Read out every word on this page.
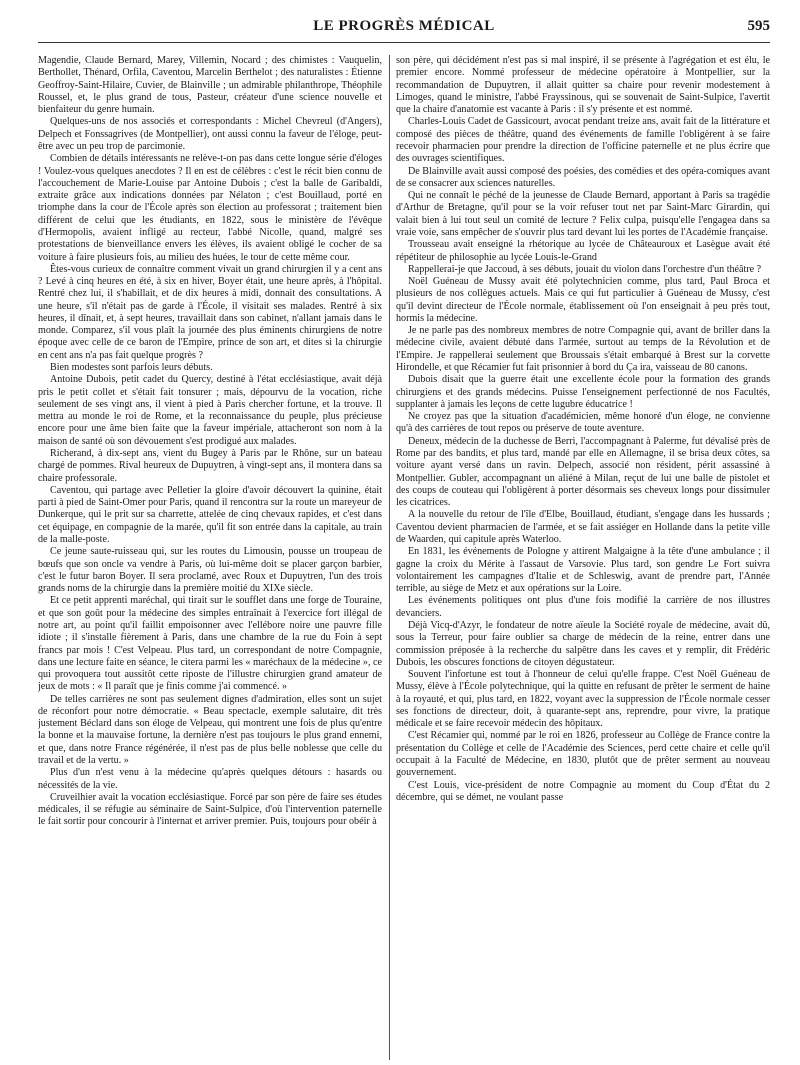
LE PROGRÈS MÉDICAL	595

Magendie, Claude Bernard, Marey, Villemin, Nocard ; des chimistes : Vauquelin, Berthollet, Thénard, Orfila, Caventou, Marcelin Berthelot ; des naturalistes : Étienne Geoffroy-Saint-Hilaire, Cuvier, de Blainville ; un admirable philanthrope, Théophile Roussel, et, le plus grand de tous, Pasteur, créateur d'une science nouvelle et bienfaiteur du genre humain.

Quelques-uns de nos associés et correspondants : Michel Chevreul (d'Angers), Delpech et Fonssagrives (de Montpellier), ont aussi connu la faveur de l'éloge, peut-être avec un peu trop de parcimonie.

Combien de détails intéressants ne relève-t-on pas dans cette longue série d'éloges ! Voulez-vous quelques anecdotes ? Il en est de célèbres : c'est le récit bien connu de l'accouchement de Marie-Louise par Antoine Dubois ; c'est la balle de Garibaldi, extraite grâce aux indications données par Nélaton ; c'est Bouillaud, porté en triomphe dans la cour de l'École après son élection au professorat ; traitement bien différent de celui que les étudiants, en 1822, sous le ministère de l'évêque d'Hermopolis, avaient infligé au recteur, l'abbé Nicolle, quand, malgré ses protestations de bienveillance envers les élèves, ils avaient obligé le cocher de sa voiture à faire plusieurs fois, au milieu des huées, le tour de cette même cour.

Êtes-vous curieux de connaître comment vivait un grand chirurgien il y a cent ans ? Levé à cinq heures en été, à six en hiver, Boyer était, une heure après, à l'hôpital. Rentré chez lui, il s'habillait, et de dix heures à midi, donnait des consultations. A une heure, s'il n'était pas de garde à l'École, il visitait ses malades. Rentré à six heures, il dînait, et, à sept heures, travaillait dans son cabinet, n'allant jamais dans le monde. Comparez, s'il vous plaît la journée des plus éminents chirurgiens de notre époque avec celle de ce baron de l'Empire, prince de son art, et dites si la chirurgie en cent ans n'a pas fait quelque progrès ?

Bien modestes sont parfois leurs débuts.

Antoine Dubois, petit cadet du Quercy, destiné à l'état ecclésiastique, avait déjà pris le petit collet et s'était fait tonsurer ; mais, dépourvu de la vocation, riche seulement de ses vingt ans, il vient à pied à Paris chercher fortune, et la trouve. Il mettra au monde le roi de Rome, et la reconnaissance du peuple, plus précieuse encore pour une âme bien faite que la faveur impériale, attacheront son nom à la maison de santé où son dévouement s'est prodigué aux malades.

Richerand, à dix-sept ans, vient du Bugey à Paris par le Rhône, sur un bateau chargé de pommes. Rival heureux de Dupuytren, à vingt-sept ans, il montera dans sa chaire professorale.

Caventou, qui partage avec Pelletier la gloire d'avoir découvert la quinine, était parti à pied de Saint-Omer pour Paris, quand il rencontra sur la route un mareyeur de Dunkerque, qui le prit sur sa charrette, attelée de cinq chevaux rapides, et c'est dans cet équipage, en compagnie de la marée, qu'il fit son entrée dans la capitale, au train de la malle-poste.

Ce jeune saute-ruisseau qui, sur les routes du Limousin, pousse un troupeau de bœufs que son oncle va vendre à Paris, où lui-même doit se placer garçon barbier, c'est le futur baron Boyer. Il sera proclamé, avec Roux et Dupuytren, l'un des trois grands noms de la chirurgie dans la première moitié du XIXe siècle.

Et ce petit apprenti maréchal, qui tirait sur le soufflet dans une forge de Touraine, et que son goût pour la médecine des simples entraînait à l'exercice fort illégal de notre art, au point qu'il faillit empoisonner avec l'ellébore noire une pauvre fille idiote ; il s'installe fièrement à Paris, dans une chambre de la rue du Foin à sept francs par mois ! C'est Velpeau. Plus tard, un correspondant de notre Compagnie, dans une lecture faite en séance, le citera parmi les « maréchaux de la médecine », ce qui provoquera tout aussitôt cette riposte de l'illustre chirurgien grand amateur de jeux de mots : « Il paraît que je finis comme j'ai commencé. »

De telles carrières ne sont pas seulement dignes d'admiration, elles sont un sujet de réconfort pour notre démocratie. « Beau spectacle, exemple salutaire, dit très justement Béclard dans son éloge de Velpeau, qui montrent une fois de plus qu'entre la bonne et la mauvaise fortune, la dernière n'est pas toujours le plus grand ennemi, et que, dans notre France régénérée, il n'est pas de plus belle noblesse que celle du travail et de la vertu. »

Plus d'un n'est venu à la médecine qu'après quelques détours : hasards ou nécessités de la vie.

Cruveilhier avait la vocation ecclésiastique. Forcé par son père de faire ses études médicales, il se réfugie au séminaire de Saint-Sulpice, d'où l'intervention paternelle le fait sortir pour concourir à l'internat et arriver premier. Puis, toujours pour obéir à

son père, qui décidément n'est pas si mal inspiré, il se présente à l'agrégation et est élu, le premier encore. Nommé professeur de médecine opératoire à Montpellier, sur la recommandation de Dupuytren, il allait quitter sa chaire pour revenir modestement à Limoges, quand le ministre, l'abbé Frayssinous, qui se souvenait de Saint-Sulpice, l'avertit que la chaire d'anatomie est vacante à Paris : il s'y présente et est nommé.

Charles-Louis Cadet de Gassicourt, avocat pendant treize ans, avait fait de la littérature et composé des pièces de théâtre, quand des événements de famille l'obligèrent à se faire recevoir pharmacien pour prendre la direction de l'officine paternelle et ne plus écrire que des ouvrages scientifiques.

De Blainville avait aussi composé des poésies, des comédies et des opéra-comiques avant de se consacrer aux sciences naturelles.

Qui ne connaît le péché de la jeunesse de Claude Bernard, apportant à Paris sa tragédie d'Arthur de Bretagne, qu'il pour se la voir refuser tout net par Saint-Marc Girardin, qui valait bien à lui tout seul un comité de lecture ? Felix culpa, puisqu'elle l'engagea dans sa vraie voie, sans empêcher de s'ouvrir plus tard devant lui les portes de l'Académie française.

Trousseau avait enseigné la rhétorique au lycée de Châteauroux et Lasègue avait été répétiteur de philosophie au lycée Louis-le-Grand

Rappellerai-je que Jaccoud, à ses débuts, jouait du violon dans l'orchestre d'un théâtre ?

Noël Guéneau de Mussy avait été polytechnicien comme, plus tard, Paul Broca et plusieurs de nos collègues actuels. Mais ce qui fut particulier à Guéneau de Mussy, c'est qu'il devint directeur de l'École normale, établissement où l'on enseignait à peu près tout, hormis la médecine.

Je ne parle pas des nombreux membres de notre Compagnie qui, avant de briller dans la médecine civile, avaient débuté dans l'armée, surtout au temps de la Révolution et de l'Empire. Je rappellerai seulement que Broussais s'était embarqué à Brest sur la corvette Hirondelle, et que Récamier fut fait prisonnier à bord du Ça ira, vaisseau de 80 canons.

Dubois disait que la guerre était une excellente école pour la formation des grands chirurgiens et des grands médecins. Puisse l'enseignement perfectionné de nos Facultés, supplanter à jamais les leçons de cette lugubre éducatrice !

Ne croyez pas que la situation d'académicien, même honoré d'un éloge, ne convienne qu'à des carrières de tout repos ou préserve de toute aventure.

Deneux, médecin de la duchesse de Berri, l'accompagnant à Palerme, fut dévalisé près de Rome par des bandits, et plus tard, mandé par elle en Allemagne, il se brisa deux côtes, sa voiture ayant versé dans un ravin. Delpech, associé non résident, périt assassiné à Montpellier. Gubler, accompagnant un aliéné à Milan, reçut de lui une balle de pistolet et des coups de couteau qui l'obligèrent à porter désormais ses cheveux longs pour dissimuler les cicatrices.

A la nouvelle du retour de l'île d'Elbe, Bouillaud, étudiant, s'engage dans les hussards ; Caventou devient pharmacien de l'armée, et se fait assiéger en Hollande dans la petite ville de Waarden, qui capitule après Waterloo.

En 1831, les événements de Pologne y attirent Malgaigne à la tête d'une ambulance ; il gagne la croix du Mérite à l'assaut de Varsovie. Plus tard, son gendre Le Fort suivra volontairement les campagnes d'Italie et de Schleswig, avant de prendre part, l'Année terrible, au siège de Metz et aux opérations sur la Loire.

Les événements politiques ont plus d'une fois modifié la carrière de nos illustres devanciers.

Déjà Vicq-d'Azyr, le fondateur de notre aïeule la Société royale de médecine, avait dû, sous la Terreur, pour faire oublier sa charge de médecin de la reine, entrer dans une commission préposée à la recherche du salpêtre dans les caves et y remplir, dit Frédéric Dubois, les obscures fonctions de citoyen dégustateur.

Souvent l'infortune est tout à l'honneur de celui qu'elle frappe. C'est Noël Guéneau de Mussy, élève à l'École polytechnique, qui la quitte en refusant de prêter le serment de haine à la royauté, et qui, plus tard, en 1822, voyant avec la suppression de l'École normale cesser ses fonctions de directeur, doit, à quarante-sept ans, reprendre, pour vivre, la pratique médicale et se faire recevoir médecin des hôpitaux.

C'est Récamier qui, nommé par le roi en 1826, professeur au Collège de France contre la présentation du Collège et celle de l'Académie des Sciences, perd cette chaire et celle qu'il occupait à la Faculté de Médecine, en 1830, plutôt que de prêter serment au nouveau gouvernement.

C'est Louis, vice-président de notre Compagnie au moment du Coup d'État du 2 décembre, qui se démet, ne voulant passe
